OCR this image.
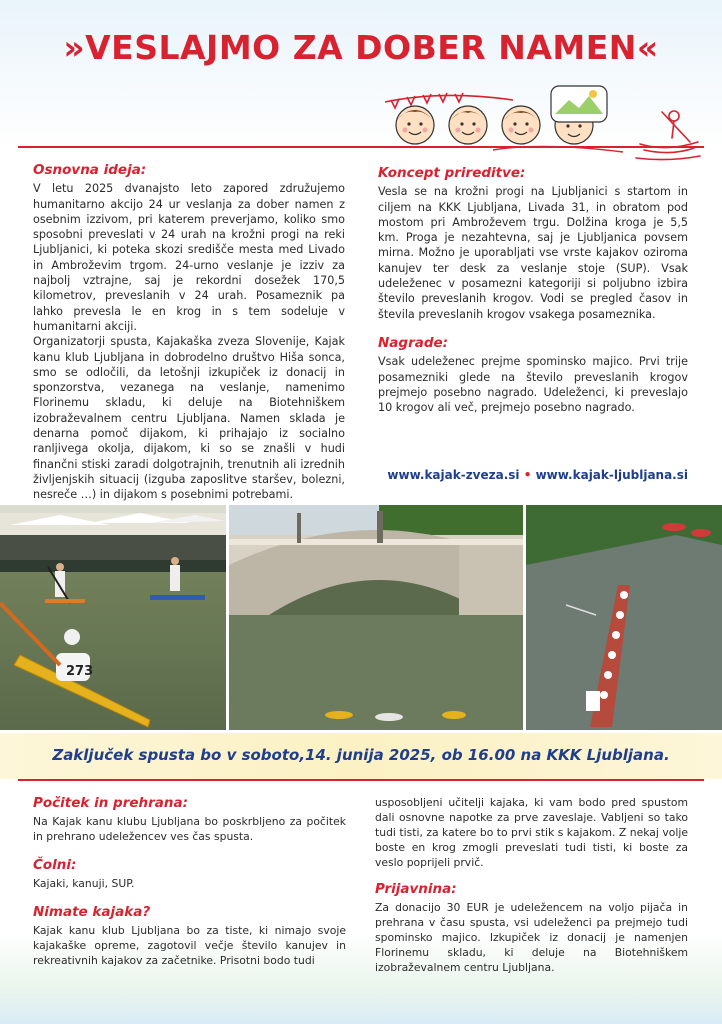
»VESLAJMO ZA DOBER NAMEN«
Osnovna ideja:

V letu 2025 dvanajsto leto zapored združujemo humanitarno akcijo 24 ur veslanja za dober namen z osebnim izzivom, pri katerem preverjamo, koliko smo sposobni preveslati v 24 urah na krožni progi na reki Ljubljanici, ki poteka skozi središče mesta med Livado in Ambroževim trgom. 24-urno veslanje je izziv za najbolj vztrajne, saj je rekordni dosežek 170,5 kilometrov, preveslanih v 24 urah. Posameznik pa lahko prevesla le en krog in s tem sodeluje v humanitarni akciji.

Organizatorji spusta, Kajakaška zveza Slovenije, Kajak kanu klub Ljubljana in dobrodelno društvo Hiša sonca, smo se odločili, da letošnji izkupiček iz donacij in sponzorstva, vezanega na veslanje, namenimo Florinemu skladu, ki deluje na Biotehniškem izobraževalnem centru Ljubljana. Namen sklada je denarna pomoč dijakom, ki prihajajo iz socialno ranljivega okolja, dijakom, ki so se znašli v hudi finančni stiski zaradi dolgotrajnih, trenutnih ali izrednih življenjskih situacij (izguba zaposlitve staršev, bolezni, nesreče …) in dijakom s posebnimi potrebami.

Koncept prireditve:

Vesla se na krožni progi na Ljubljanici s startom in ciljem na KKK Ljubljana, Livada 31, in obratom pod mostom pri Ambroževem trgu. Dolžina kroga je 5,5 km. Proga je nezahtevna, saj je Ljubljanica povsem mirna. Možno je uporabljati vse vrste kajakov oziroma kanujev ter desk za veslanje stoje (SUP). Vsak udeleženec v posamezni kategoriji si poljubno izbira število preveslanih krogov. Vodi se pregled časov in števila preveslanih krogov vsakega posameznika.

Nagrade:

Vsak udeleženec prejme spominsko majico. Prvi trije posamezniki glede na število preveslanih krogov prejmejo posebno nagrado. Udeleženci, ki preveslajo 10 krogov ali več, prejmejo posebno nagrado.

www.kajak-zveza.si • www.kajak-ljubljana.si
273
Zaključek spusta bo v soboto,14. junija 2025, ob 16.00 na KKK Ljubljana.
Počitek in prehrana:

Na Kajak kanu klubu Ljubljana bo poskrbljeno za počitek in prehrano udeležencev ves čas spusta.

Čolni:

Kajaki, kanuji, SUP.

Nimate kajaka?

Kajak kanu klub Ljubljana bo za tiste, ki nimajo svoje kajakaške opreme, zagotovil večje število kanujev in rekreativnih kajakov za začetnike. Prisotni bodo tudi

usposobljeni učitelji kajaka, ki vam bodo pred spustom dali osnovne napotke za prve zaveslaje. Vabljeni so tako tudi tisti, za katere bo to prvi stik s kajakom. Z nekaj volje boste en krog zmogli preveslati tudi tisti, ki boste za veslo poprijeli prvič.

Prijavnina:

Za donacijo 30 EUR je udeležencem na voljo pijača in prehrana v času spusta, vsi udeleženci pa prejmejo tudi spominsko majico. Izkupiček iz donacij je namenjen Florinemu skladu, ki deluje na Biotehniškem izobraževalnem centru Ljubljana.
